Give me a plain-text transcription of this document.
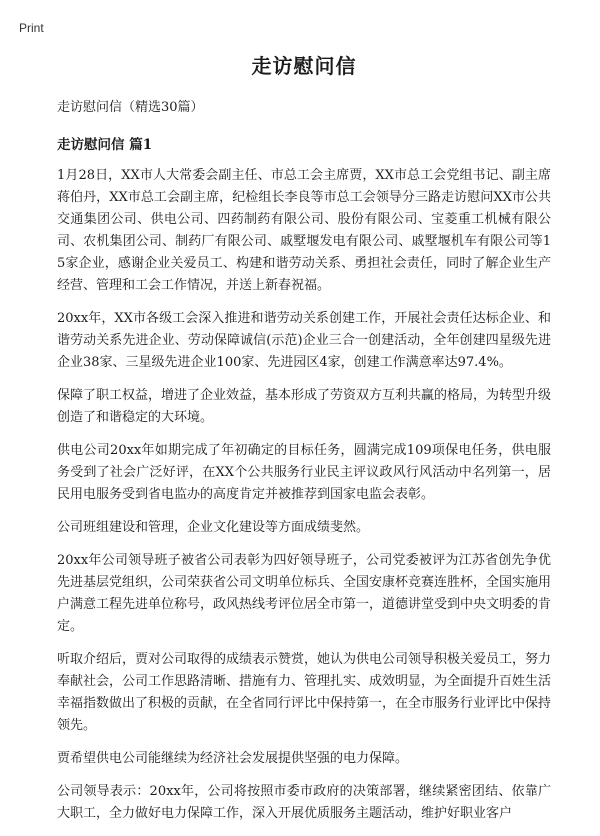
Print
走访慰问信
走访慰问信（精选30篇）
走访慰问信 篇1

1月28日，XX市人大常委会副主任、市总工会主席贾，XX市总工会党组书记、副主席蒋伯丹，XX市总工会副主席，纪检组长李良等市总工会领导分三路走访慰问XX市公共交通集团公司、供电公司、四药制药有限公司、股份有限公司、宝菱重工机械有限公司、农机集团公司、制药厂有限公司、戚墅堰发电有限公司、戚墅堰机车有限公司等15家企业，感谢企业关爱员工、构建和谐劳动关系、勇担社会责任，同时了解企业生产经营、管理和工会工作情况，并送上新春祝福。

20xx年，XX市各级工会深入推进和谐劳动关系创建工作，开展社会责任达标企业、和谐劳动关系先进企业、劳动保障诚信(示范)企业三合一创建活动，全年创建四星级先进企业38家、三星级先进企业100家、先进园区4家，创建工作满意率达97.4%。

保障了职工权益，增进了企业效益，基本形成了劳资双方互利共赢的格局，为转型升级创造了和谐稳定的大环境。

供电公司20xx年如期完成了年初确定的目标任务，圆满完成109项保电任务，供电服务受到了社会广泛好评，在XX个公共服务行业民主评议政风行风活动中名列第一，居民用电服务受到省电监办的高度肯定并被推荐到国家电监会表彰。

公司班组建设和管理，企业文化建设等方面成绩斐然。

20xx年公司领导班子被省公司表彰为四好领导班子，公司党委被评为江苏省创先争优先进基层党组织，公司荣获省公司文明单位标兵、全国安康杯竞赛连胜杯，全国实施用户满意工程先进单位称号，政风热线考评位居全市第一，道德讲堂受到中央文明委的肯定。

听取介绍后，贾对公司取得的成绩表示赞赏，她认为供电公司领导积极关爱员工，努力奉献社会，公司工作思路清晰、措施有力、管理扎实、成效明显，为全面提升百姓生活幸福指数做出了积极的贡献，在全省同行评比中保持第一，在全市服务行业评比中保持领先。

贾希望供电公司能继续为经济社会发展提供坚强的电力保障。

公司领导表示：20xx年，公司将按照市委市政府的决策部署，继续紧密团结、依靠广大职工，全力做好电力保障工作，深入开展优质服务主题活动，维护好职业客户
